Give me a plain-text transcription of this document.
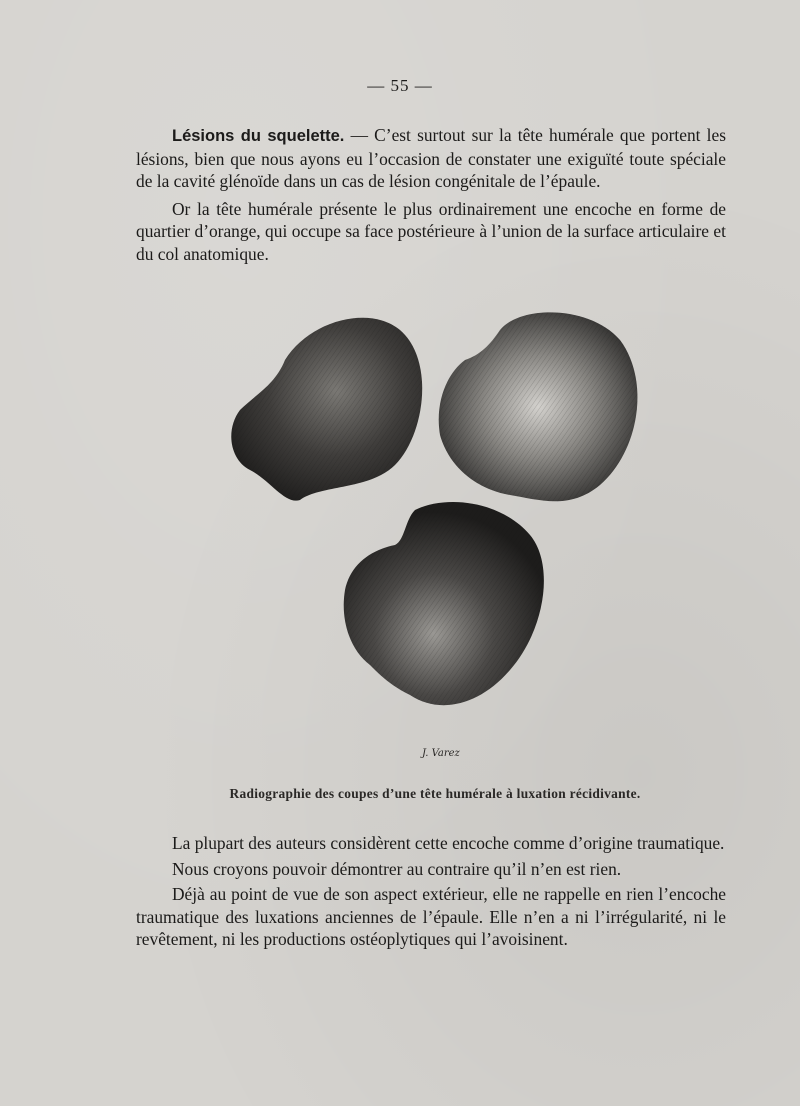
— 55 —

Lésions du squelette. — C’est surtout sur la tête humérale que portent les lésions, bien que nous ayons eu l’occasion de constater une exiguïté toute spéciale de la cavité glénoïde dans un cas de lésion congénitale de l’épaule.

Or la tête humérale présente le plus ordinairement une encoche en forme de quartier d’orange, qui occupe sa face postérieure à l’union de la surface articulaire et du col anatomique.

J. Varez
Radiographie des coupes d’une tête humérale à luxation récidivante.

La plupart des auteurs considèrent cette encoche comme d’origine traumatique.

Nous croyons pouvoir démontrer au contraire qu’il n’en est rien.

Déjà au point de vue de son aspect extérieur, elle ne rappelle en rien l’encoche traumatique des luxations anciennes de l’épaule. Elle n’en a ni l’irrégularité, ni le revêtement, ni les productions ostéoplytiques qui l’avoisinent.
